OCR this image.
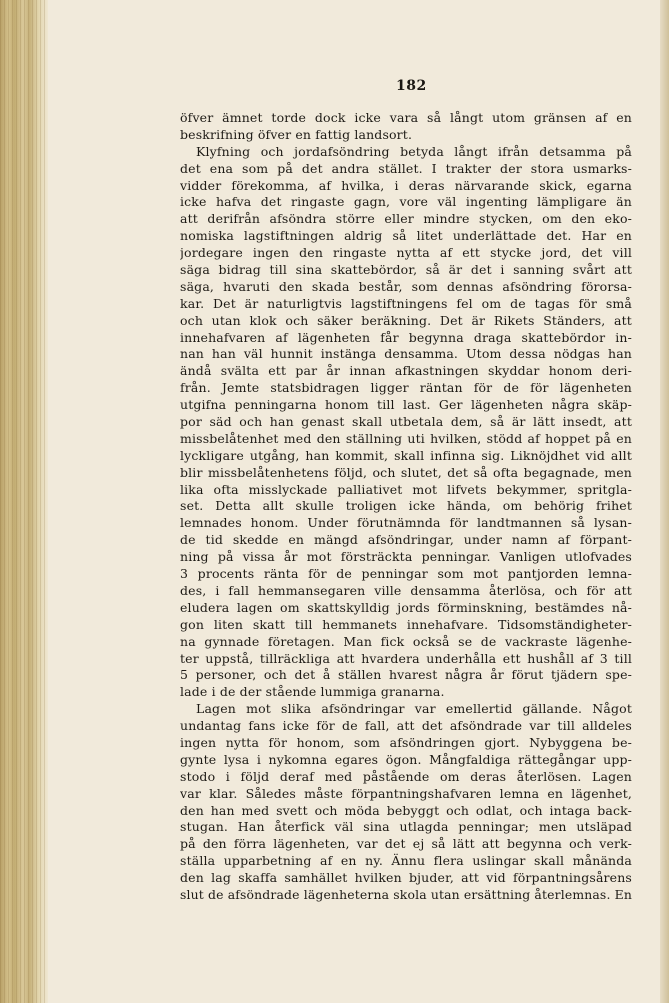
182
öfver ämnet torde dock icke vara så långt utom gränsen af en
beskrifning öfver en fattig landsort.
Klyfning och jordafsöndring betyda långt ifrån detsamma på
det ena som på det andra stället. I trakter der stora usmarks-
vidder förekomma, af hvilka, i deras närvarande skick, egarna
icke hafva det ringaste gagn, vore väl ingenting lämpligare än
att derifrån afsöndra större eller mindre stycken, om den eko-
nomiska lagstiftningen aldrig så litet underlättade det. Har en
jordegare ingen den ringaste nytta af ett stycke jord, det vill
säga bidrag till sina skattebördor, så är det i sanning svårt att
säga, hvaruti den skada består, som dennas afsöndring förorsa-
kar. Det är naturligtvis lagstiftningens fel om de tagas för små
och utan klok och säker beräkning. Det är Rikets Ständers, att
innehafvaren af lägenheten får begynna draga skattebördor in-
nan han väl hunnit instänga densamma. Utom dessa nödgas han
ändå svälta ett par år innan afkastningen skyddar honom deri-
från. Jemte statsbidragen ligger räntan för de för lägenheten
utgifna penningarna honom till last. Ger lägenheten några skäp-
por säd och han genast skall utbetala dem, så är lätt insedt, att
missbelåtenhet med den ställning uti hvilken, stödd af hoppet på en
lyckligare utgång, han kommit, skall infinna sig. Liknöjdhet vid allt
blir missbelåtenhetens följd, och slutet, det så ofta begagnade, men
lika ofta misslyckade palliativet mot lifvets bekymmer, spritgla-
set. Detta allt skulle troligen icke hända, om behörig frihet
lemnades honom. Under förutnämnda för landtmannen så lysan-
de tid skedde en mängd afsöndringar, under namn af förpant-
ning på vissa år mot försträckta penningar. Vanligen utlofvades
3 procents ränta för de penningar som mot pantjorden lemna-
des, i fall hemmansegaren ville densamma återlösa, och för att
eludera lagen om skattskylldig jords förminskning, bestämdes nå-
gon liten skatt till hemmanets innehafvare. Tidsomständigheter-
na gynnade företagen. Man fick också se de vackraste lägenhe-
ter uppstå, tillräckliga att hvardera underhålla ett hushåll af 3 till
5 personer, och det å ställen hvarest några år förut tjädern spe-
lade i de der stående lummiga granarna.
Lagen mot slika afsöndringar var emellertid gällande. Något
undantag fans icke för de fall, att det afsöndrade var till alldeles
ingen nytta för honom, som afsöndringen gjort. Nybyggena be-
gynte lysa i nykomna egares ögon. Mångfaldiga rättegångar upp-
stodo i följd deraf med påstående om deras återlösen. Lagen
var klar. Således måste förpantningshafvaren lemna en lägenhet,
den han med svett och möda bebyggt och odlat, och intaga back-
stugan. Han återfick väl sina utlagda penningar; men utsläpad
på den förra lägenheten, var det ej så lätt att begynna och verk-
ställa upparbetning af en ny. Ännu flera uslingar skall månända
den lag skaffa samhället hvilken bjuder, att vid förpantningsårens
slut de afsöndrade lägenheterna skola utan ersättning återlemnas. En
